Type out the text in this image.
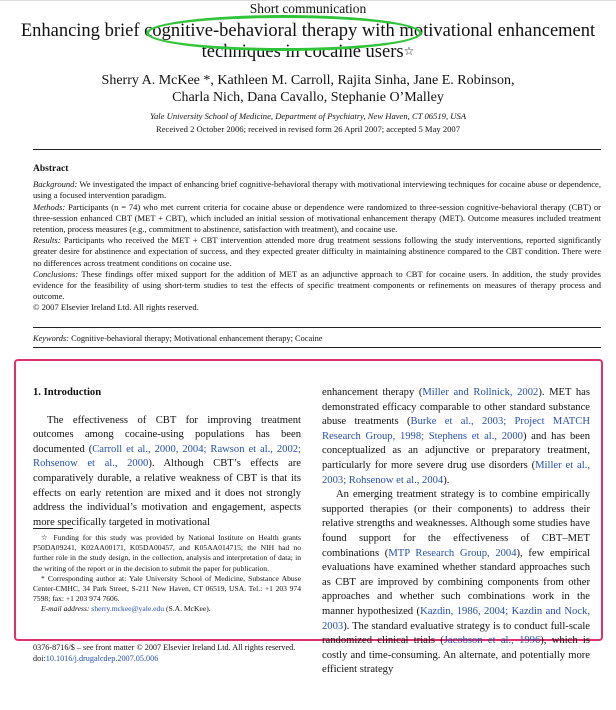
Short communication
Enhancing brief cognitive-behavioral therapy with motivational enhancement techniques in cocaine users☆
Sherry A. McKee *, Kathleen M. Carroll, Rajita Sinha, Jane E. Robinson,
Charla Nich, Dana Cavallo, Stephanie O’Malley
Yale University School of Medicine, Department of Psychiatry, New Haven, CT 06519, USA
Received 2 October 2006; received in revised form 26 April 2007; accepted 5 May 2007
Abstract

Background: We investigated the impact of enhancing brief cognitive-behavioral therapy with motivational interviewing techniques for cocaine abuse or dependence, using a focused intervention paradigm.

Methods: Participants (n = 74) who met current criteria for cocaine abuse or dependence were randomized to three-session cognitive-behavioral therapy (CBT) or three-session enhanced CBT (MET + CBT), which included an initial session of motivational enhancement therapy (MET). Outcome measures included treatment retention, process measures (e.g., commitment to abstinence, satisfaction with treatment), and cocaine use.

Results: Participants who received the MET + CBT intervention attended more drug treatment sessions following the study interventions, reported significantly greater desire for abstinence and expectation of success, and they expected greater difficulty in maintaining abstinence compared to the CBT condition. There were no differences across treatment conditions on cocaine use.

Conclusions: These findings offer mixed support for the addition of MET as an adjunctive approach to CBT for cocaine users. In addition, the study provides evidence for the feasibility of using short-term studies to test the effects of specific treatment components or refinements on measures of therapy process and outcome.

© 2007 Elsevier Ireland Ltd. All rights reserved.

Keywords: Cognitive-behavioral therapy; Motivational enhancement therapy; Cocaine

1. Introduction

The effectiveness of CBT for improving treatment outcomes among cocaine-using populations has been documented (Carroll et al., 2000, 2004; Rawson et al., 2002; Rohsenow et al., 2000). Although CBT’s effects are comparatively durable, a relative weakness of CBT is that its effects on early retention are mixed and it does not strongly address the individual’s motivation and engagement, aspects more specifically targeted in motivational

☆ Funding for this study was provided by National Institute on Health grants P50DA09241, K02AA00171, K05DA00457, and K05AA014715; the NIH had no further role in the study design, in the collection, analysis and interpretation of data; in the writing of the report or in the decision to submit the paper for publication.

* Corresponding author at: Yale University School of Medicine, Substance Abuse Center-CMHC, 34 Park Street, S-211 New Haven, CT 06519, USA. Tel.: +1 203 974 7598; fax: +1 203 974 7606.

E-mail address: sherry.mckee@yale.edu (S.A. McKee).

enhancement therapy (Miller and Rollnick, 2002). MET has demonstrated efficacy comparable to other standard substance abuse treatments (Burke et al., 2003; Project MATCH Research Group, 1998; Stephens et al., 2000) and has been conceptualized as an adjunctive or preparatory treatment, particularly for more severe drug use disorders (Miller et al., 2003; Rohsenow et al., 2004).

An emerging treatment strategy is to combine empirically supported therapies (or their components) to address their relative strengths and weaknesses. Although some studies have found support for the effectiveness of CBT–MET combinations (MTP Research Group, 2004), few empirical evaluations have examined whether standard approaches such as CBT are improved by combining components from other approaches and whether such combinations work in the manner hypothesized (Kazdin, 1986, 2004; Kazdin and Nock, 2003). The standard evaluative strategy is to conduct full-scale randomized clinical trials (Jacobson et al., 1996), which is costly and time-consuming. An alternate, and potentially more efficient strategy

0376-8716/$ – see front matter © 2007 Elsevier Ireland Ltd. All rights reserved.
doi:10.1016/j.drugalcdep.2007.05.006
